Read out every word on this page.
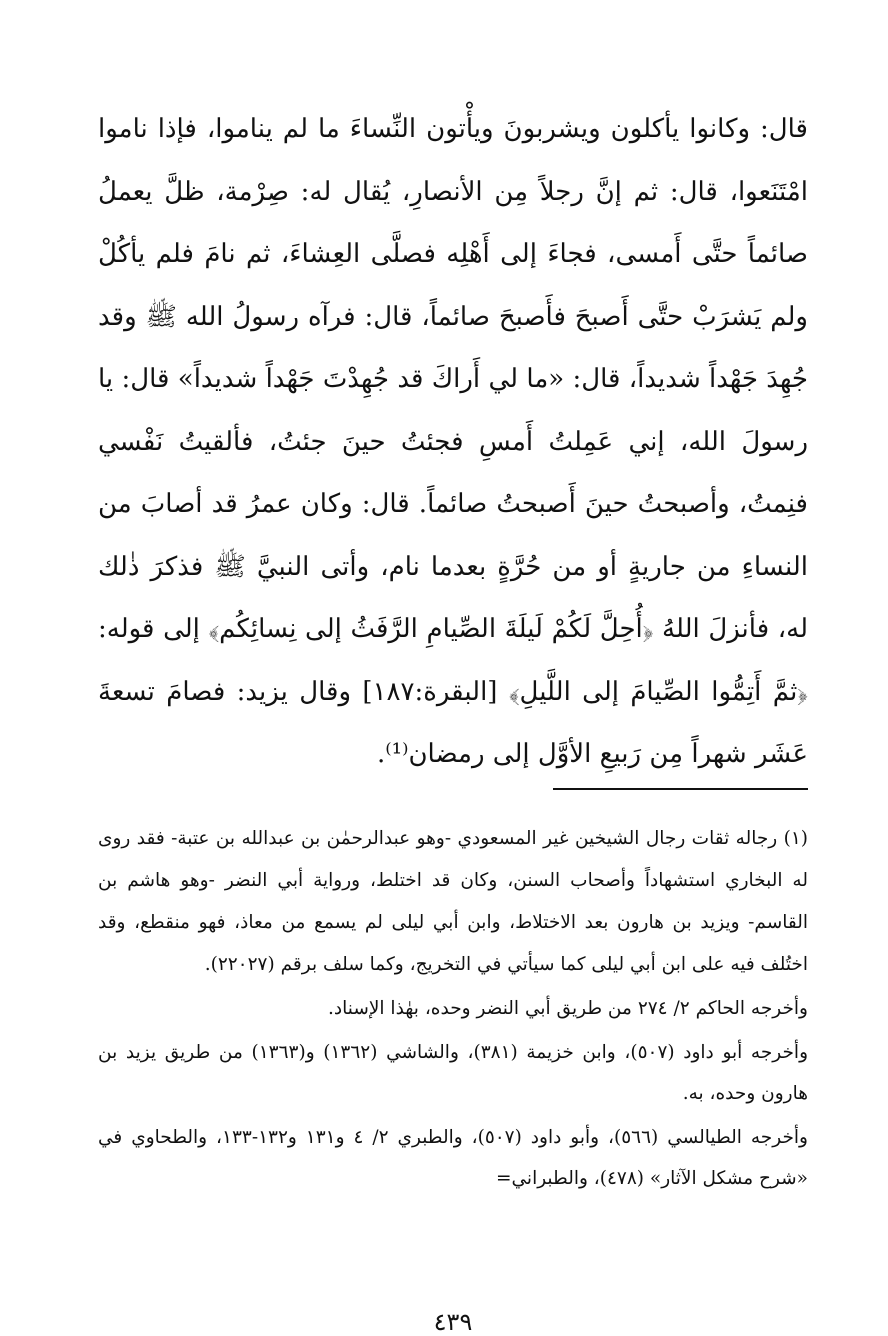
قال: وكانوا يأكلون ويشربونَ ويأْتون النِّساءَ ما لم يناموا، فإذا ناموا امْتَنَعوا، قال: ثم إنَّ رجلاً مِن الأنصارِ، يُقال له: صِرْمة، ظلَّ يعملُ صائماً حتَّى أَمسى، فجاءَ إلى أَهْلِه فصلَّى العِشاءَ، ثم نامَ فلم يأكُلْ ولم يَشرَبْ حتَّى أَصبحَ فأَصبحَ صائماً، قال: فرآه رسولُ الله ﷺ وقد جُهِدَ جَهْداً شديداً، قال: «ما لي أَراكَ قد جُهِدْتَ جَهْداً شديداً» قال: يا رسولَ الله، إني عَمِلتُ أَمسِ فجئتُ حينَ جئتُ، فألقيتُ نَفْسي فنِمتُ، وأصبحتُ حينَ أَصبحتُ صائماً. قال: وكان عمرُ قد أصابَ من النساءِ من جاريةٍ أو من حُرَّةٍ بعدما نام، وأتى النبيَّ ﷺ فذكرَ ذٰلك له، فأنزلَ اللهُ ﴿أُحِلَّ لَكُمْ لَيلَةَ الصِّيامِ الرَّفَثُ إلى نِسائِكُم﴾ إلى قوله: ﴿ثمَّ أَتِمُّوا الصِّيامَ إلى اللَّيلِ﴾ [البقرة:١٨٧] وقال يزيد: فصامَ تسعةَ عَشَر شهراً مِن رَبيعِ الأوَّل إلى رمضان⁽¹⁾.

(١) رجاله ثقات رجال الشيخين غير المسعودي -وهو عبدالرحمٰن بن عبدالله بن عتبة- فقد روى له البخاري استشهاداً وأصحاب السنن، وكان قد اختلط، ورواية أبي النضر -وهو هاشم بن القاسم- ويزيد بن هارون بعد الاختلاط، وابن أبي ليلى لم يسمع من معاذ، فهو منقطع، وقد اختُلف فيه على ابن أبي ليلى كما سيأتي في التخريج، وكما سلف برقم (٢٢٠٢٧).

وأخرجه الحاكم ٢/ ٢٧٤ من طريق أبي النضر وحده، بهٰذا الإسناد.

وأخرجه أبو داود (٥٠٧)، وابن خزيمة (٣٨١)، والشاشي (١٣٦٢) و(١٣٦٣) من طريق يزيد بن هارون وحده، به.

وأخرجه الطيالسي (٥٦٦)، وأبو داود (٥٠٧)، والطبري ٢/ ٤ و١٣١ و١٣٢-١٣٣، والطحاوي في «شرح مشكل الآثار» (٤٧٨)، والطبراني=

٤٣٩
